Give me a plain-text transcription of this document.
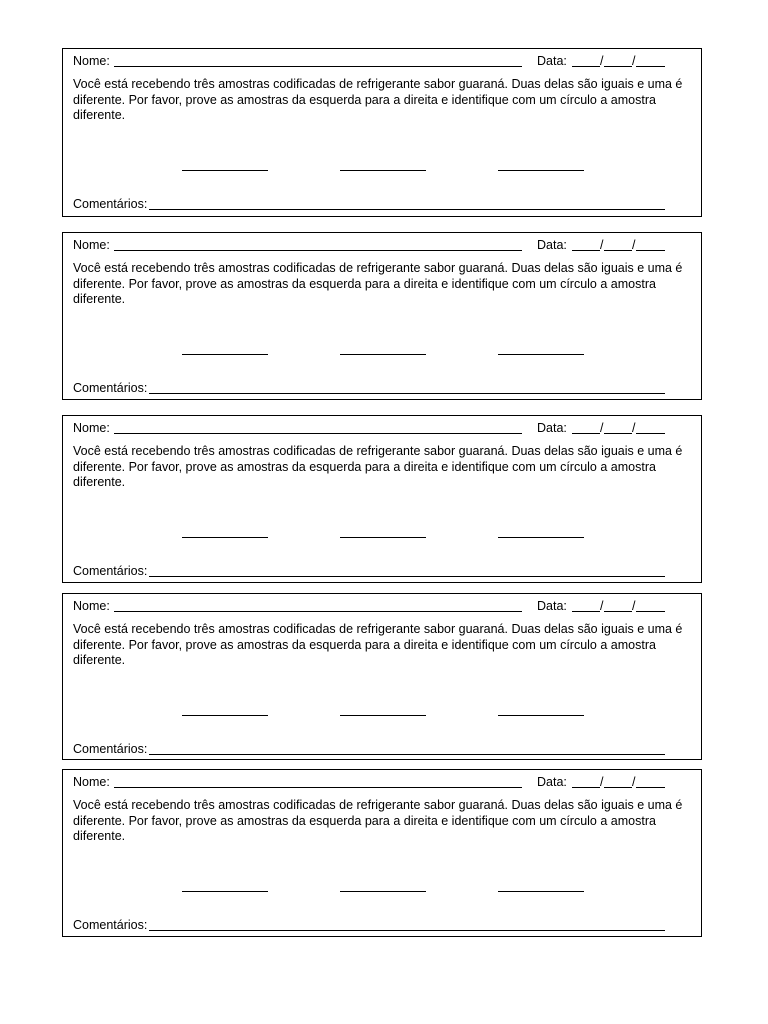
Nome:	Data:	/ /

Você está recebendo três amostras codificadas de refrigerante sabor guaraná. Duas delas são iguais e uma é diferente. Por favor, prove as amostras da esquerda para a direita e identifique com um círculo a amostra diferente.

Comentários:
Nome:	Data:	/ /

Você está recebendo três amostras codificadas de refrigerante sabor guaraná. Duas delas são iguais e uma é diferente. Por favor, prove as amostras da esquerda para a direita e identifique com um círculo a amostra diferente.

Comentários:
Nome:	Data:	/ /

Você está recebendo três amostras codificadas de refrigerante sabor guaraná. Duas delas são iguais e uma é diferente. Por favor, prove as amostras da esquerda para a direita e identifique com um círculo a amostra diferente.

Comentários:
Nome:	Data:	/ /

Você está recebendo três amostras codificadas de refrigerante sabor guaraná. Duas delas são iguais e uma é diferente. Por favor, prove as amostras da esquerda para a direita e identifique com um círculo a amostra diferente.

Comentários:
Nome:	Data:	/ /

Você está recebendo três amostras codificadas de refrigerante sabor guaraná. Duas delas são iguais e uma é diferente. Por favor, prove as amostras da esquerda para a direita e identifique com um círculo a amostra diferente.

Comentários:
